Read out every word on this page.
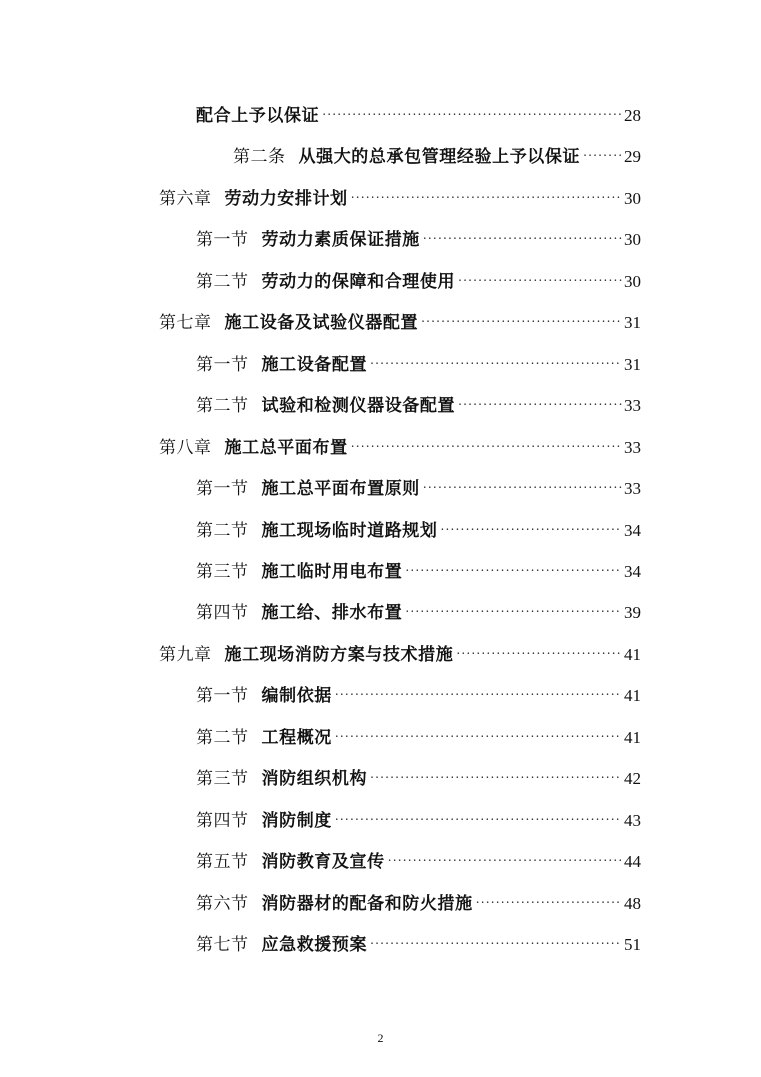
配合上予以保证 .....	28
第二条 从强大的总承包管理经验上予以保证 .....	29
第六章 劳动力安排计划 .....	30
第一节 劳动力素质保证措施 .....	30
第二节 劳动力的保障和合理使用 .....	30
第七章 施工设备及试验仪器配置 .....	31
第一节 施工设备配置 .....	31
第二节 试验和检测仪器设备配置 .....	33
第八章 施工总平面布置 .....	33
第一节 施工总平面布置原则 .....	33
第二节 施工现场临时道路规划 .....	34
第三节 施工临时用电布置 .....	34
第四节 施工给、排水布置 .....	39
第九章 施工现场消防方案与技术措施 .....	41
第一节 编制依据 .....	41
第二节 工程概况 .....	41
第三节 消防组织机构 .....	42
第四节 消防制度 .....	43
第五节 消防教育及宣传 .....	44
第六节 消防器材的配备和防火措施 .....	48
第七节 应急救援预案 .....	51
2
